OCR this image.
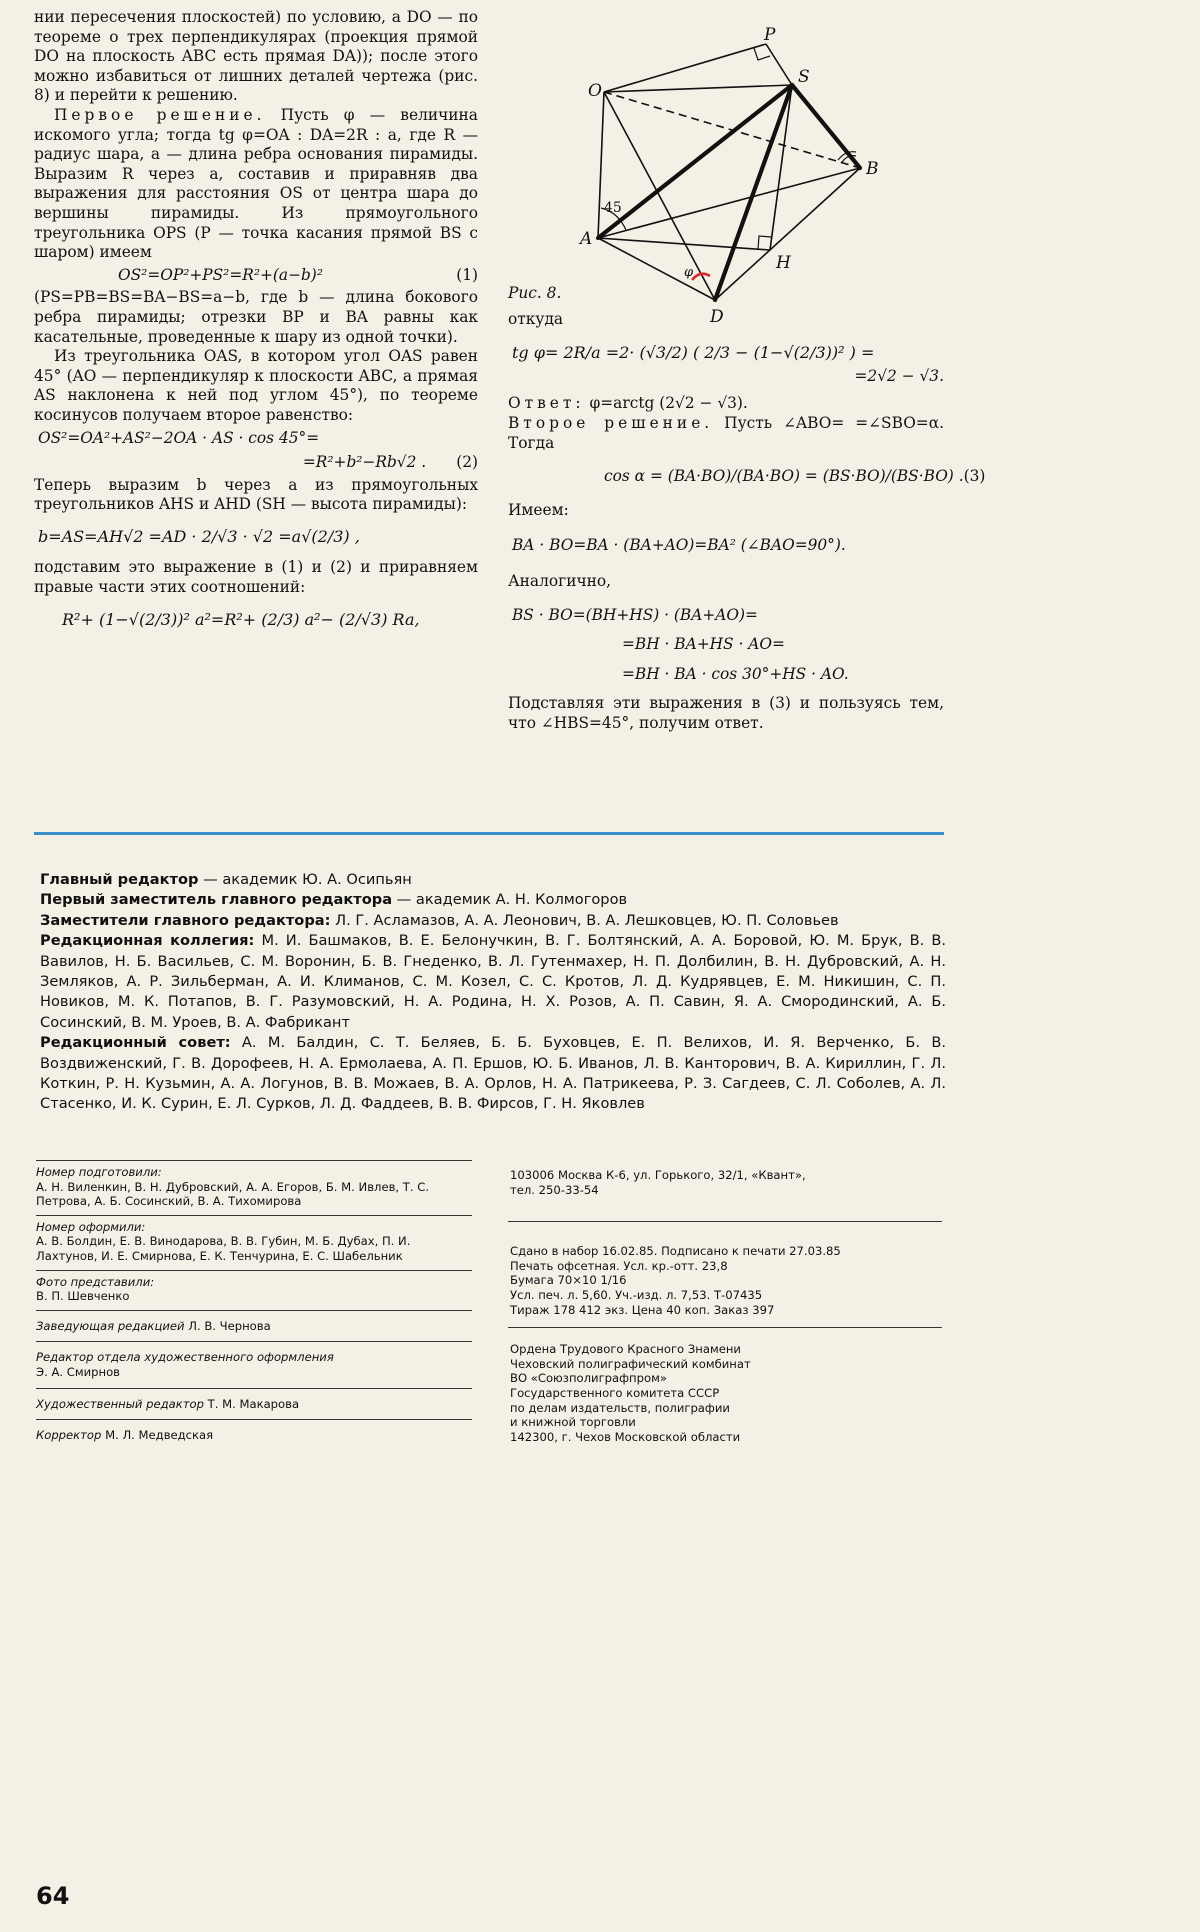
нии пересечения плоскостей) по условию, а DO — по теореме о трех перпендикулярах (проекция прямой DO на плоскость ABC есть прямая DA)); после этого можно избавиться от лишних деталей чертежа (рис. 8) и перейти к решению.

Первое решение. Пусть φ — величина искомого угла; тогда tg φ=OA : DA=2R : a, где R — радиус шара, a — длина ребра основания пирамиды. Выразим R через a, составив и приравняв два выражения для расстояния OS от центра шара до вершины пирамиды. Из прямоугольного треугольника OPS (P — точка касания прямой BS с шаром) имеем

OS²=OP²+PS²=R²+(a−b)²	(1)

(PS=PB=BS=BA−BS=a−b, где b — длина бокового ребра пирамиды; отрезки BP и BA равны как касательные, проведенные к шару из одной точки).

Из треугольника OAS, в котором угол OAS равен 45° (AO — перпендикуляр к плоскости ABC, а прямая AS наклонена к ней под углом 45°), по теореме косинусов получаем второе равенство:

OS²=OA²+AS²−2OA · AS · cos 45°=
=R²+b²−Rb√2 .	(2)

Теперь выразим b через a из прямоугольных треугольников AHS и AHD (SH — высота пирамиды):

b=AS=AH√2 =AD · 2/√3 · √2 =a√(2/3) ,

подставим это выражение в (1) и (2) и приравняем правые части этих соотношений:

R²+ (1−√(2/3))² a²=R²+ (2/3) a²− (2/√3) Ra,
P
S
O
B
45
A
H
D
φ

Рис. 8.

откуда

tg φ= 2R/a =2· (√3/2) ( 2/3 − (1−√(2/3))² ) =
=2√2 − √3.

Ответ: φ=arctg (2√2 − √3).

Второе решение. Пусть ∠ABO= =∠SBO=α. Тогда

cos α = (BA·BO)/(BA·BO) = (BS·BO)/(BS·BO) . (3)

Имеем:

BA · BO=BA · (BA+AO)=BA² (∠BAO=90°).

Аналогично,

BS · BO=(BH+HS) · (BA+AO)=
=BH · BA+HS · AO=
=BH · BA · cos 30°+HS · AO.

Подставляя эти выражения в (3) и пользуясь тем, что ∠HBS=45°, получим ответ.

Главный редактор — академик Ю. А. Осипьян

Первый заместитель главного редактора — академик А. Н. Колмогоров

Заместители главного редактора: Л. Г. Асламазов, А. А. Леонович, В. А. Лешковцев, Ю. П. Соловьев

Редакционная коллегия: М. И. Башмаков, В. Е. Белонучкин, В. Г. Болтянский, А. А. Боровой, Ю. М. Брук, В. В. Вавилов, Н. Б. Васильев, С. М. Воронин, Б. В. Гнеденко, В. Л. Гутенмахер, Н. П. Долбилин, В. Н. Дубровский, А. Н. Земляков, А. Р. Зильберман, А. И. Климанов, С. М. Козел, С. С. Кротов, Л. Д. Кудрявцев, Е. М. Никишин, С. П. Новиков, М. К. Потапов, В. Г. Разумовский, Н. А. Родина, Н. Х. Розов, А. П. Савин, Я. А. Смородинский, А. Б. Сосинский, В. М. Уроев, В. А. Фабрикант

Редакционный совет: А. М. Балдин, С. Т. Беляев, Б. Б. Буховцев, Е. П. Велихов, И. Я. Верченко, Б. В. Воздвиженский, Г. В. Дорофеев, Н. А. Ермолаева, А. П. Ершов, Ю. Б. Иванов, Л. В. Канторович, В. А. Кириллин, Г. Л. Коткин, Р. Н. Кузьмин, А. А. Логунов, В. В. Можаев, В. А. Орлов, Н. А. Патрикеева, Р. З. Сагдеев, С. Л. Соболев, А. Л. Стасенко, И. К. Сурин, Е. Л. Сурков, Л. Д. Фаддеев, В. В. Фирсов, Г. Н. Яковлев

Номер подготовили:
А. Н. Виленкин, В. Н. Дубровский, А. А. Егоров, Б. М. Ивлев, Т. С. Петрова, А. Б. Сосинский, В. А. Тихомирова
Номер оформили:
А. В. Болдин, Е. В. Винодарова, В. В. Губин, М. Б. Дубах, П. И. Лахтунов, И. Е. Смирнова, Е. К. Тенчурина, Е. С. Шабельник
Фото представили:
В. П. Шевченко
Заведующая редакцией Л. В. Чернова
Редактор отдела художественного оформления
Э. А. Смирнов
Художественный редактор Т. М. Макарова
Корректор М. Л. Медведская
103006 Москва К-6, ул. Горького, 32/1, «Квант»,
тел. 250-33-54
Сдано в набор 16.02.85. Подписано к печати 27.03.85
Печать офсетная. Усл. кр.-отт. 23,8
Бумага 70×10 1/16
Усл. печ. л. 5,60. Уч.-изд. л. 7,53. Т-07435
Тираж 178 412 экз. Цена 40 коп. Заказ 397
Ордена Трудового Красного Знамени
Чеховский полиграфический комбинат
ВО «Союзполиграфпром»
Государственного комитета СССР
по делам издательств, полиграфии
и книжной торговли
142300, г. Чехов Московской области
64
